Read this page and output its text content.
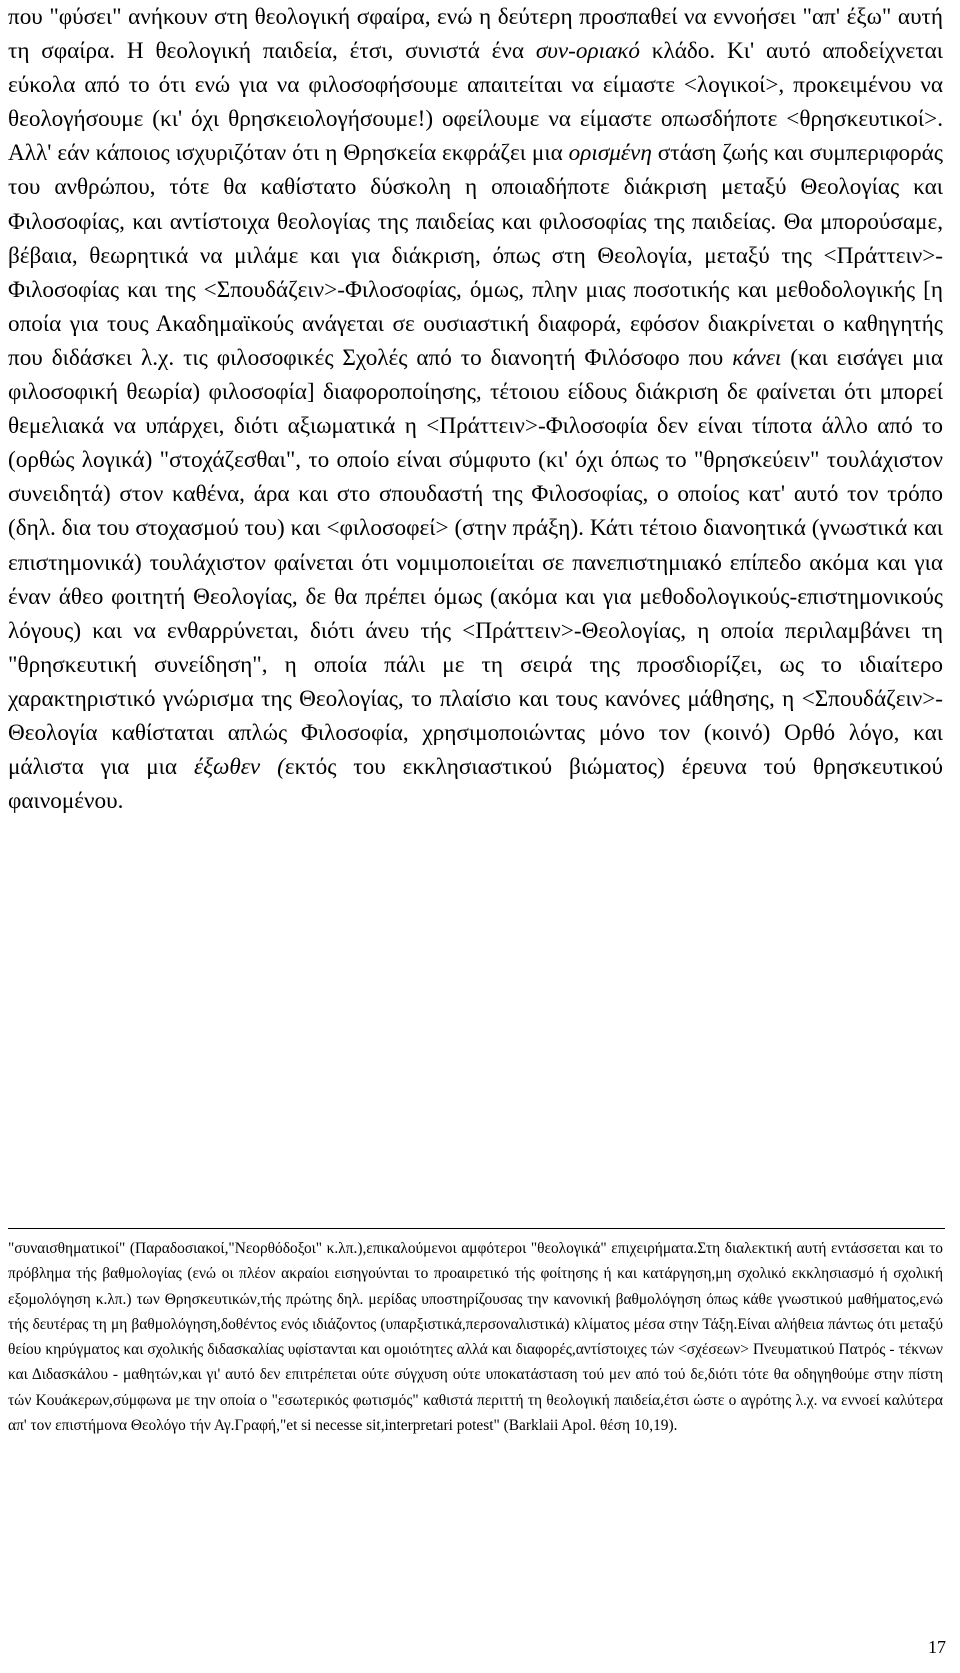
που "φύσει" ανήκουν στη θεολογική σφαίρα, ενώ η δεύτερη προσπαθεί να εννοήσει "απ' έξω" αυτή τη σφαίρα. Η θεολογική παιδεία, έτσι, συνιστά ένα συν-οριακό κλάδο. Κι' αυτό αποδείχνεται εύκολα από το ότι ενώ για να φιλοσοφήσουμε απαιτείται να είμαστε <λογικοί>, προκειμένου να θεολογήσουμε (κι' όχι θρησκειολογήσουμε!) οφείλουμε να είμαστε οπωσδήποτε <θρησκευτικοί>. Αλλ' εάν κάποιος ισχυριζόταν ότι η Θρησκεία εκφράζει μια ορισμένη στάση ζωής και συμπεριφοράς του ανθρώπου, τότε θα καθίστατο δύσκολη η οποιαδήποτε διάκριση μεταξύ Θεολογίας και Φιλοσοφίας, και αντίστοιχα θεολογίας της παιδείας και φιλοσοφίας της παιδείας. Θα μπορούσαμε, βέβαια, θεωρητικά να μιλάμε και για διάκριση, όπως στη Θεολογία, μεταξύ της <Πράττειν>-Φιλοσοφίας και της <Σπουδάζειν>-Φιλοσοφίας, όμως, πλην μιας ποσοτικής και μεθοδολογικής [η οποία για τους Ακαδημαϊκούς ανάγεται σε ουσιαστική διαφορά, εφόσον διακρίνεται ο καθηγητής που διδάσκει λ.χ. τις φιλοσοφικές Σχολές από το διανοητή Φιλόσοφο που κάνει (και εισάγει μια φιλοσοφική θεωρία) φιλοσοφία] διαφοροποίησης, τέτοιου είδους διάκριση δε φαίνεται ότι μπορεί θεμελιακά να υπάρχει, διότι αξιωματικά η <Πράττειν>-Φιλοσοφία δεν είναι τίποτα άλλο από το (ορθώς λογικά) "στοχάζεσθαι", το οποίο είναι σύμφυτο (κι' όχι όπως το "θρησκεύειν" τουλάχιστον συνειδητά) στον καθένα, άρα και στο σπουδαστή της Φιλοσοφίας, ο οποίος κατ' αυτό τον τρόπο (δηλ. δια του στοχασμού του) και <φιλοσοφεί> (στην πράξη). Κάτι τέτοιο διανοητικά (γνωστικά και επιστημονικά) τουλάχιστον φαίνεται ότι νομιμοποιείται σε πανεπιστημιακό επίπεδο ακόμα και για έναν άθεο φοιτητή Θεολογίας, δε θα πρέπει όμως (ακόμα και για μεθοδολογικούς-επιστημονικούς λόγους) και να ενθαρρύνεται, διότι άνευ τής <Πράττειν>-Θεολογίας, η οποία περιλαμβάνει τη "θρησκευτική συνείδηση", η οποία πάλι με τη σειρά της προσδιορίζει, ως το ιδιαίτερο χαρακτηριστικό γνώρισμα της Θεολογίας, το πλαίσιο και τους κανόνες μάθησης, η <Σπουδάζειν>-Θεολογία καθίσταται απλώς Φιλοσοφία, χρησιμοποιώντας μόνο τον (κοινό) Ορθό λόγο, και μάλιστα για μια έξωθεν (εκτός του εκκλησιαστικού βιώματος) έρευνα τού θρησκευτικού φαινομένου.

"συναισθηματικοί" (Παραδοσιακοί,"Νεορθόδοξοι" κ.λπ.),επικαλούμενοι αμφότεροι "θεολογικά" επιχειρήματα.Στη διαλεκτική αυτή εντάσσεται και το πρόβλημα τής βαθμολογίας (ενώ οι πλέον ακραίοι εισηγούνται το προαιρετικό τής φοίτησης ή και κατάργηση,μη σχολικό εκκλησιασμό ή σχολική εξομολόγηση κ.λπ.) των Θρησκευτικών,τής πρώτης δηλ. μερίδας υποστηρίζουσας την κανονική βαθμολόγηση όπως κάθε γνωστικού μαθήματος,ενώ τής δευτέρας τη μη βαθμολόγηση,δοθέντος ενός ιδιάζοντος (υπαρξιστικά,περσοναλιστικά) κλίματος μέσα στην Τάξη.Είναι αλήθεια πάντως ότι μεταξύ θείου κηρύγματος και σχολικής διδασκαλίας υφίστανται και ομοιότητες αλλά και διαφορές,αντίστοιχες τών <σχέσεων> Πνευματικού Πατρός - τέκνων και Διδασκάλου - μαθητών,και γι' αυτό δεν επιτρέπεται ούτε σύγχυση ούτε υποκατάσταση τού μεν από τού δε,διότι τότε θα οδηγηθούμε στην πίστη τών Κουάκερων,σύμφωνα με την οποία ο "εσωτερικός φωτισμός" καθιστά περιττή τη θεολογική παιδεία,έτσι ώστε ο αγρότης λ.χ. να εννοεί καλύτερα απ' τον επιστήμονα Θεολόγο τήν Αγ.Γραφή,"et si necesse sit,interpretari potest" (Barklaii Apol. θέση 10,19).

17
